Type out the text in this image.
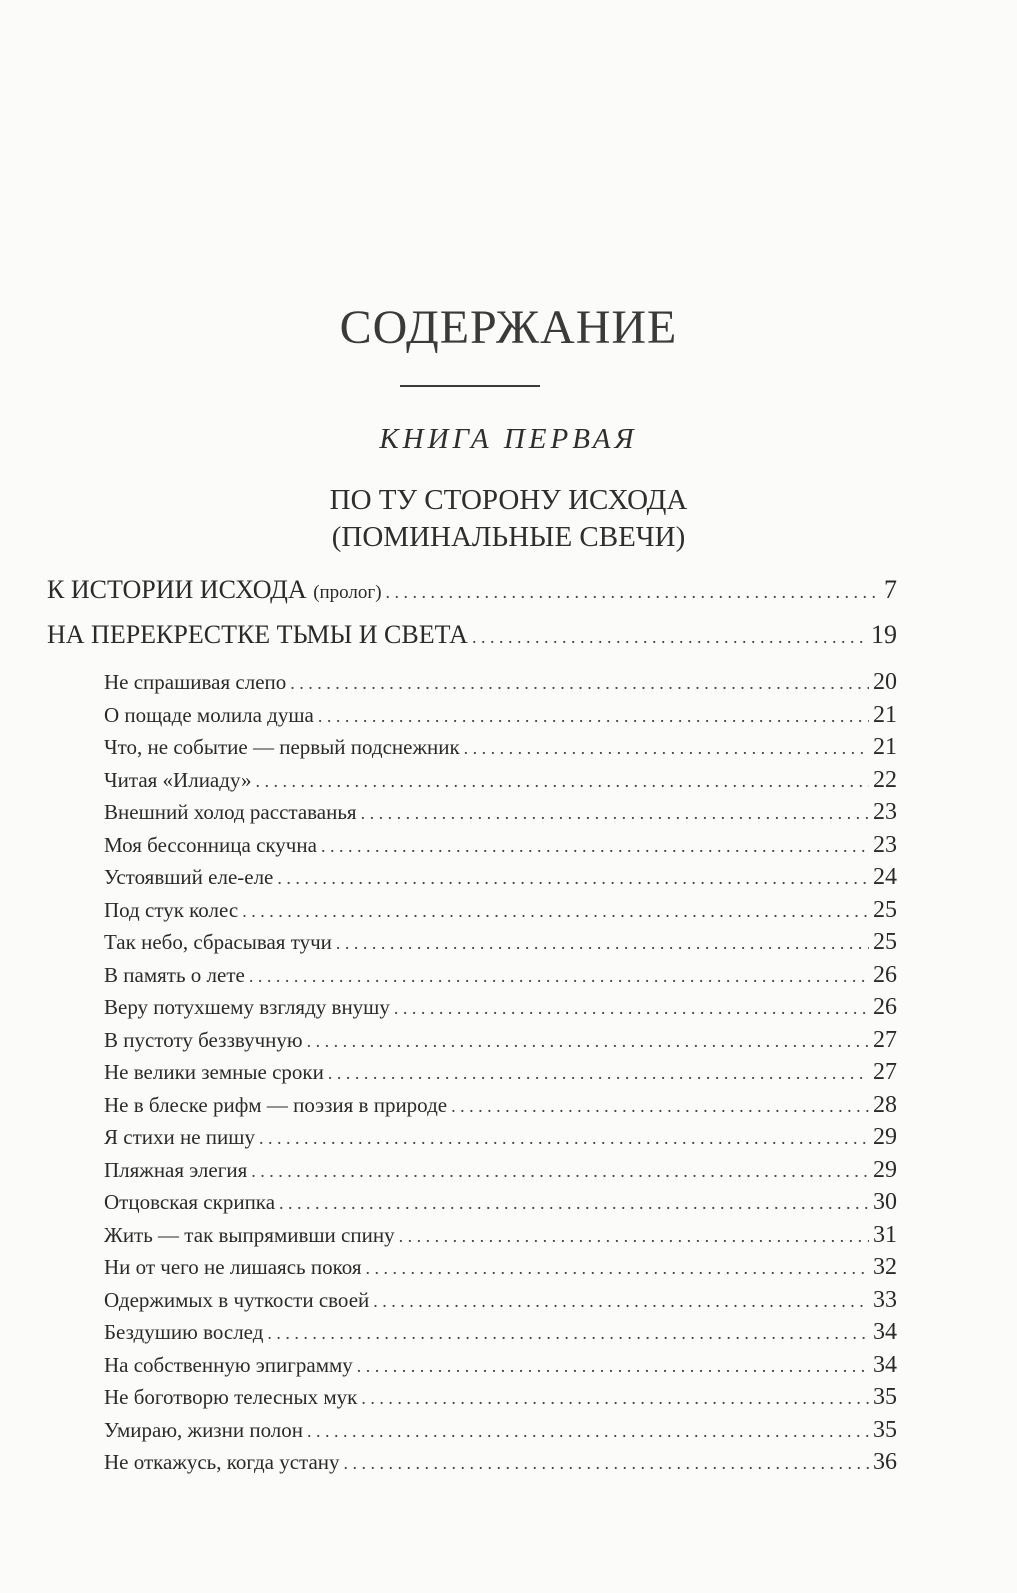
СОДЕРЖАНИЕ
КНИГА ПЕРВАЯ
ПО ТУ СТОРОНУ ИСХОДА
(ПОМИНАЛЬНЫЕ СВЕЧИ)
К ИСТОРИИ ИСХОДА (пролог) . . .	7
НА ПЕРЕКРЕСТКЕ ТЬМЫ И СВЕТА . . .	19
Не спрашивая слепо . . .	20
О пощаде молила душа . . .	21
Что, не событие — первый подснежник . . .	21
Читая «Илиаду» . . .	22
Внешний холод расставанья . . .	23
Моя бессонница скучна . . .	23
Устоявший еле-еле . . .	24
Под стук колес . . .	25
Так небо, сбрасывая тучи . . .	25
В память о лете . . .	26
Веру потухшему взгляду внушу . . .	26
В пустоту беззвучную . . .	27
Не велики земные сроки . . .	27
Не в блеске рифм — поэзия в природе . . .	28
Я стихи не пишу . . .	29
Пляжная элегия . . .	29
Отцовская скрипка . . .	30
Жить — так выпрямивши спину . . .	31
Ни от чего не лишаясь покоя . . .	32
Одержимых в чуткости своей . . .	33
Бездушию вослед . . .	34
На собственную эпиграмму . . .	34
Не боготворю телесных мук . . .	35
Умираю, жизни полон . . .	35
Не откажусь, когда устану . . .	36
